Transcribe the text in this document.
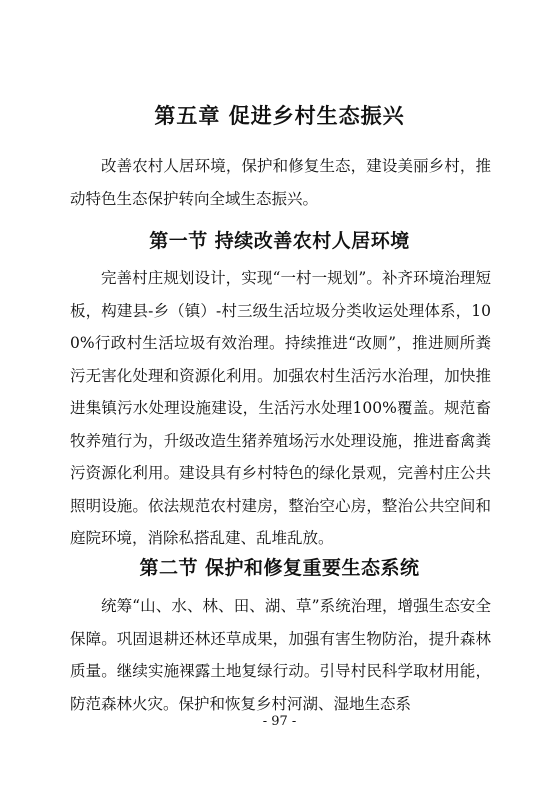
第五章 促进乡村生态振兴

改善农村人居环境，保护和修复生态，建设美丽乡村，推动特色生态保护转向全域生态振兴。

第一节 持续改善农村人居环境

完善村庄规划设计，实现“一村一规划”。补齐环境治理短板，构建县-乡（镇）-村三级生活垃圾分类收运处理体系，100%行政村生活垃圾有效治理。持续推进“改厕”，推进厕所粪污无害化处理和资源化利用。加强农村生活污水治理，加快推进集镇污水处理设施建设，生活污水处理100%覆盖。规范畜牧养殖行为，升级改造生猪养殖场污水处理设施，推进畜禽粪污资源化利用。建设具有乡村特色的绿化景观，完善村庄公共照明设施。依法规范农村建房，整治空心房，整治公共空间和庭院环境，消除私搭乱建、乱堆乱放。

第二节 保护和修复重要生态系统

统筹“山、水、林、田、湖、草”系统治理，增强生态安全保障。巩固退耕还林还草成果，加强有害生物防治，提升森林质量。继续实施裸露土地复绿行动。引导村民科学取材用能，防范森林火灾。保护和恢复乡村河湖、湿地生态系

- 97 -
